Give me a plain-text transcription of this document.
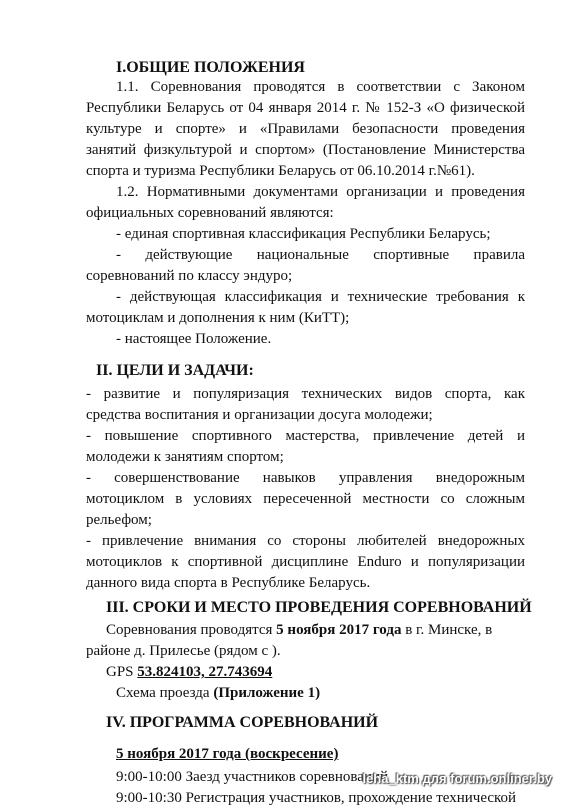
I.ОБЩИЕ ПОЛОЖЕНИЯ
1.1. Соревнования проводятся в соответствии с Законом
Республики Беларусь от 04 января 2014 г. № 152-З «О физической
культуре и спорте» и «Правилами безопасности проведения
занятий физкультурой и спортом» (Постановление Министерства
спорта и туризма Республики Беларусь от 06.10.2014 г.№61).
1.2. Нормативными документами организации и проведения
официальных соревнований являются:
- единая спортивная классификация Республики Беларусь;
- действующие национальные спортивные правила
соревнований по классу эндуро;
- действующая классификация и технические требования к
мотоциклам и дополнения к ним (КиТТ);
- настоящее Положение.
II. ЦЕЛИ И ЗАДАЧИ:
- развитие и популяризация технических видов спорта, как
средства воспитания и организации досуга молодежи;
- повышение спортивного мастерства, привлечение детей и
молодежи к занятиям спортом;
- совершенствование навыков управления внедорожным
мотоциклом в условиях пересеченной местности со сложным
рельефом;
- привлечение внимания со стороны любителей внедорожных
мотоциклов к спортивной дисциплине Enduro и популяризации
данного вида спорта в Республике Беларусь.
III. СРОКИ И МЕСТО ПРОВЕДЕНИЯ СОРЕВНОВАНИЙ
Соревнования проводятся 5 ноября 2017 года в г. Минске, в
районе д. Прилесье (рядом с ).
GPS 53.824103, 27.743694
Схема проезда (Приложение 1)
IV. ПРОГРАММА СОРЕВНОВАНИЙ
5 ноября 2017 года (воскресение)
9:00-10:00 Заезд участников соревнований
9:00-10:30 Регистрация участников, прохождение технической
leha_ktm для forum.onliner.by
